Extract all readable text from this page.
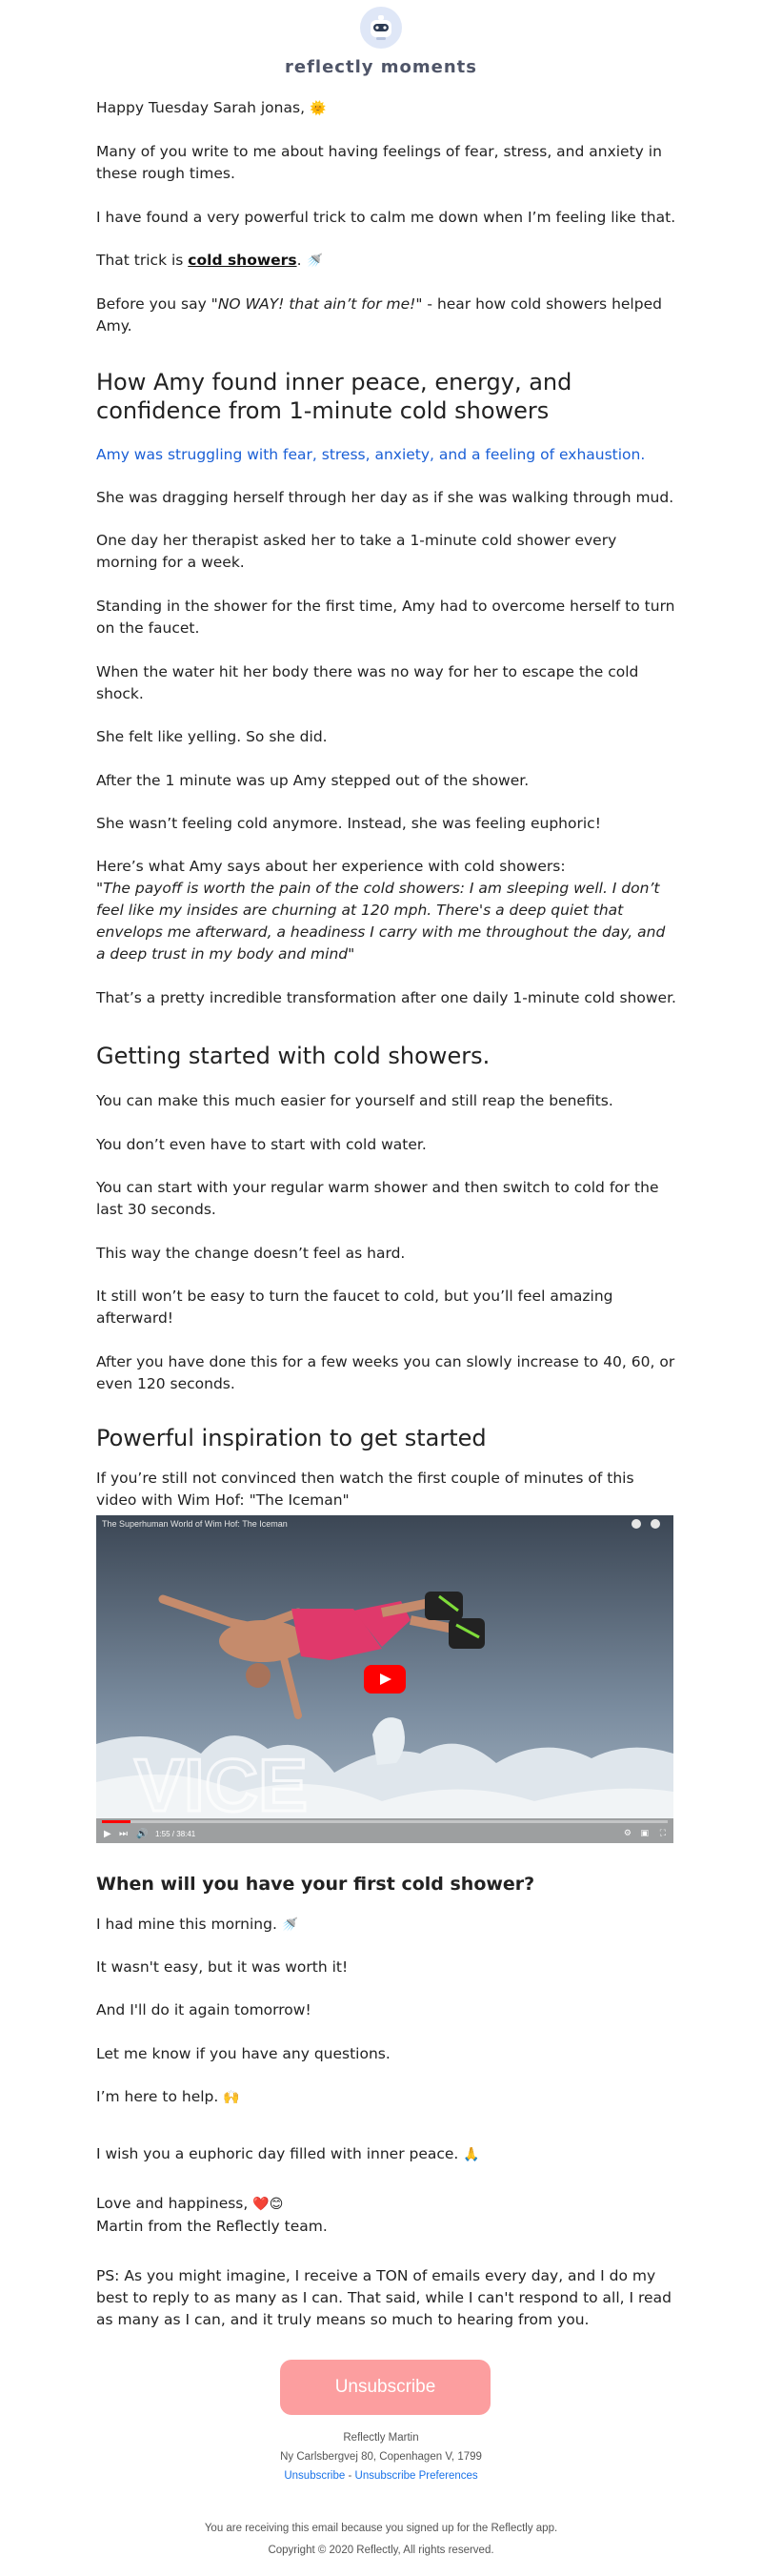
reflectly moments
Happy Tuesday Sarah jonas, 🌞
Many of you write to me about having feelings of fear, stress, and anxiety in these rough times.
I have found a very powerful trick to calm me down when I’m feeling like that.
That trick is cold showers. 🚿
Before you say "NO WAY! that ain’t for me!" - hear how cold showers helped Amy.
How Amy found inner peace, energy, and confidence from 1-minute cold showers
Amy was struggling with fear, stress, anxiety, and a feeling of exhaustion.
She was dragging herself through her day as if she was walking through mud.
One day her therapist asked her to take a 1-minute cold shower every morning for a week.
Standing in the shower for the first time, Amy had to overcome herself to turn on the faucet.
When the water hit her body there was no way for her to escape the cold shock.
She felt like yelling. So she did.
After the 1 minute was up Amy stepped out of the shower.
She wasn’t feeling cold anymore. Instead, she was feeling euphoric!
Here’s what Amy says about her experience with cold showers:
"The payoff is worth the pain of the cold showers: I am sleeping well. I don’t feel like my insides are churning at 120 mph. There's a deep quiet that envelops me afterward, a headiness I carry with me throughout the day, and a deep trust in my body and mind"
That’s a pretty incredible transformation after one daily 1-minute cold shower.
Getting started with cold showers.
You can make this much easier for yourself and still reap the benefits.
You don’t even have to start with cold water.
You can start with your regular warm shower and then switch to cold for the last 30 seconds.
This way the change doesn’t feel as hard.
It still won’t be easy to turn the faucet to cold, but you’ll feel amazing afterward!
After you have done this for a few weeks you can slowly increase to 40, 60, or even 120 seconds.
Powerful inspiration to get started
If you’re still not convinced then watch the first couple of minutes of this video with Wim Hof: "The Iceman"
VICE
The Superhuman World of Wim Hof: The Iceman
▶ ⏭ 🔊 1:55 / 38:41	⚙ ▣ ⛶
When will you have your first cold shower?
I had mine this morning. 🚿
It wasn't easy, but it was worth it!
And I'll do it again tomorrow!
Let me know if you have any questions.
I’m here to help. 🙌
I wish you a euphoric day filled with inner peace. 🙏
Love and happiness, ❤️😊
Martin from the Reflectly team.
PS: As you might imagine, I receive a TON of emails every day, and I do my best to reply to as many as I can. That said, while I can't respond to all, I read as many as I can, and it truly means so much to hearing from you.
Unsubscribe
Reflectly Martin
Ny Carlsbergvej 80, Copenhagen V, 1799
Unsubscribe - Unsubscribe Preferences
You are receiving this email because you signed up for the Reflectly app.
Copyright © 2020 Reflectly, All rights reserved.
